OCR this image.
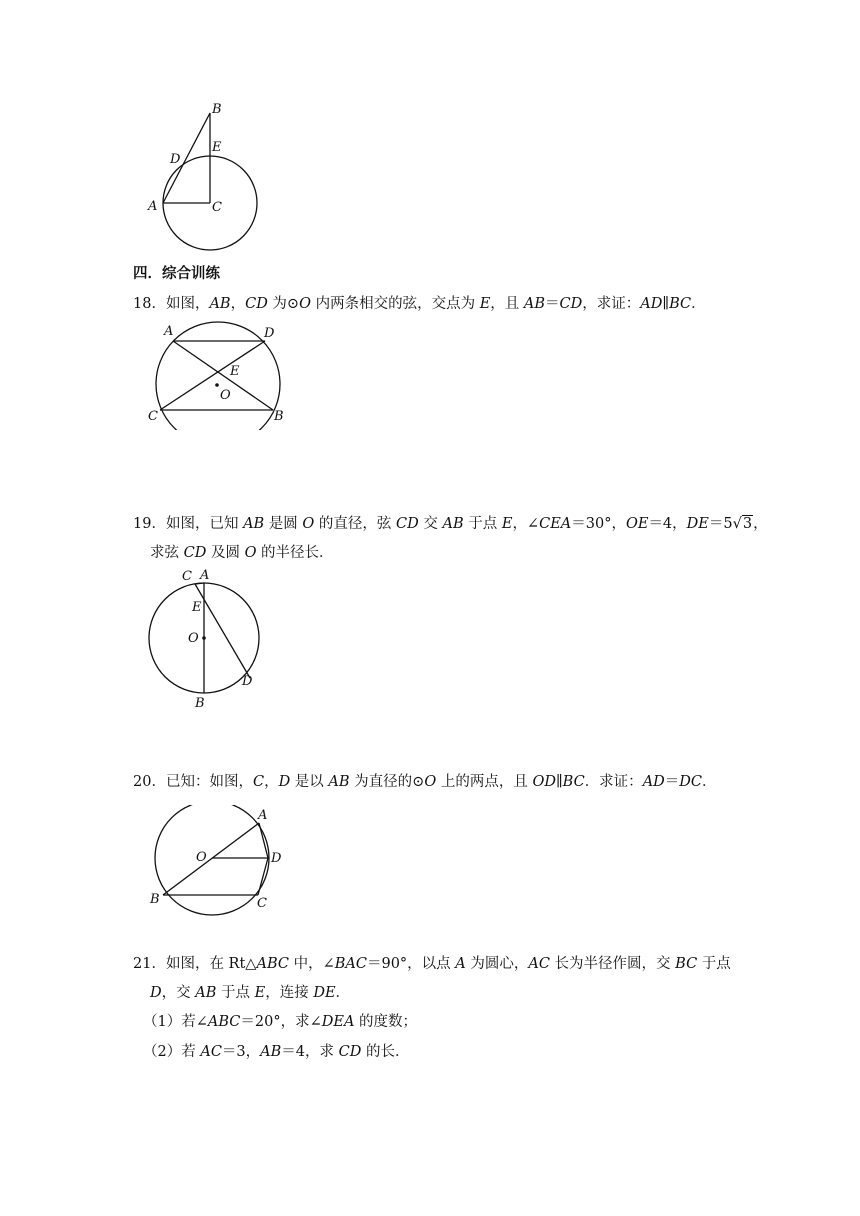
B
E
D
A	C
四．综合训练
18．如图，AB，CD 为⊙O 内两条相交的弦，交点为 E，且 AB＝CD，求证：AD∥BC．
A	D
E
O
C	B
19．如图，已知 AB 是圆 O 的直径，弦 CD 交 AB 于点 E，∠CEA＝30°，OE＝4，DE＝5√3，
求弦 CD 及圆 O 的半径长．
C A
E
O
D
B
20．已知：如图，C，D 是以 AB 为直径的⊙O 上的两点，且 OD∥BC．求证：AD＝DC．
A
O	D
B	C
21．如图，在 Rt△ABC 中，∠BAC＝90°，以点 A 为圆心，AC 长为半径作圆，交 BC 于点
D，交 AB 于点 E，连接 DE．
（1）若∠ABC＝20°，求∠DEA 的度数；
（2）若 AC＝3，AB＝4，求 CD 的长．
